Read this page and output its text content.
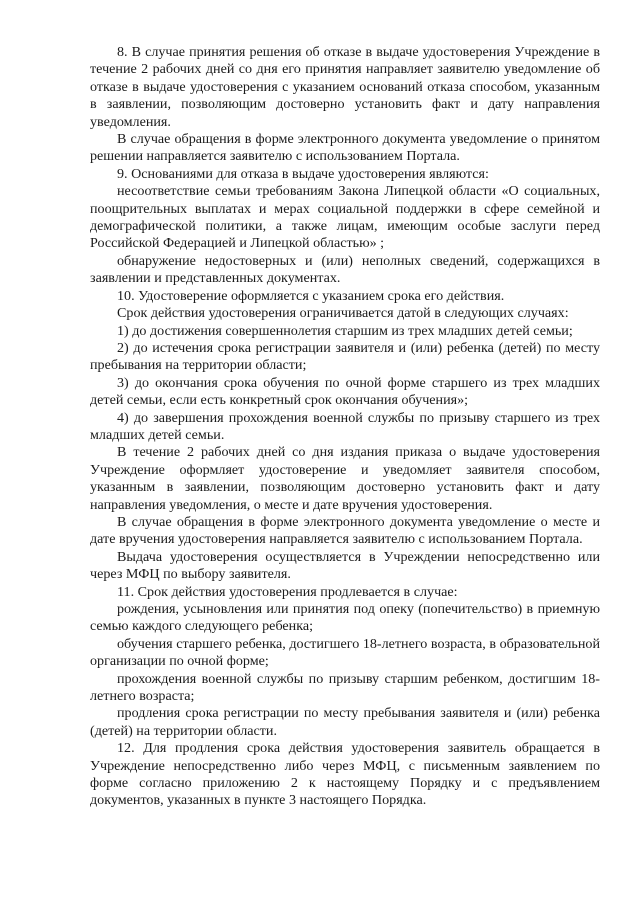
8. В случае принятия решения об отказе в выдаче удостоверения Учреждение в течение 2 рабочих дней со дня его принятия направляет заявителю уведомление об отказе в выдаче удостоверения с указанием оснований отказа способом, указанным в заявлении, позволяющим достоверно установить факт и дату направления уведомления.

В случае обращения в форме электронного документа уведомление о принятом решении направляется заявителю с использованием Портала.

9. Основаниями для отказа в выдаче удостоверения являются:

несоответствие семьи требованиям Закона Липецкой области «О социальных, поощрительных выплатах и мерах социальной поддержки в сфере семейной и демографической политики, а также лицам, имеющим особые заслуги перед Российской Федерацией и Липецкой областью» ;

обнаружение недостоверных и (или) неполных сведений, содержащихся в заявлении и представленных документах.

10. Удостоверение оформляется с указанием срока его действия.

Срок действия удостоверения ограничивается датой в следующих случаях:

1) до достижения совершеннолетия старшим из трех младших детей семьи;

2) до истечения срока регистрации заявителя и (или) ребенка (детей) по месту пребывания на территории области;

3) до окончания срока обучения по очной форме старшего из трех младших детей семьи, если есть конкретный срок окончания обучения»;

4) до завершения прохождения военной службы по призыву старшего из трех младших детей семьи.

В течение 2 рабочих дней со дня издания приказа о выдаче удостоверения Учреждение оформляет удостоверение и уведомляет заявителя способом, указанным в заявлении, позволяющим достоверно установить факт и дату направления уведомления, о месте и дате вручения удостоверения.

В случае обращения в форме электронного документа уведомление о месте и дате вручения удостоверения направляется заявителю с использованием Портала.

Выдача удостоверения осуществляется в Учреждении непосредственно или через МФЦ по выбору заявителя.

11. Срок действия удостоверения продлевается в случае:

рождения, усыновления или принятия под опеку (попечительство) в приемную семью каждого следующего ребенка;

обучения старшего ребенка, достигшего 18-летнего возраста, в образовательной организации по очной форме;

прохождения военной службы по призыву старшим ребенком, достигшим 18-летнего возраста;

продления срока регистрации по месту пребывания заявителя и (или) ребенка (детей) на территории области.

12. Для продления срока действия удостоверения заявитель обращается в Учреждение непосредственно либо через МФЦ, с письменным заявлением по форме согласно приложению 2 к настоящему Порядку и с предъявлением документов, указанных в пункте 3 настоящего Порядка.
